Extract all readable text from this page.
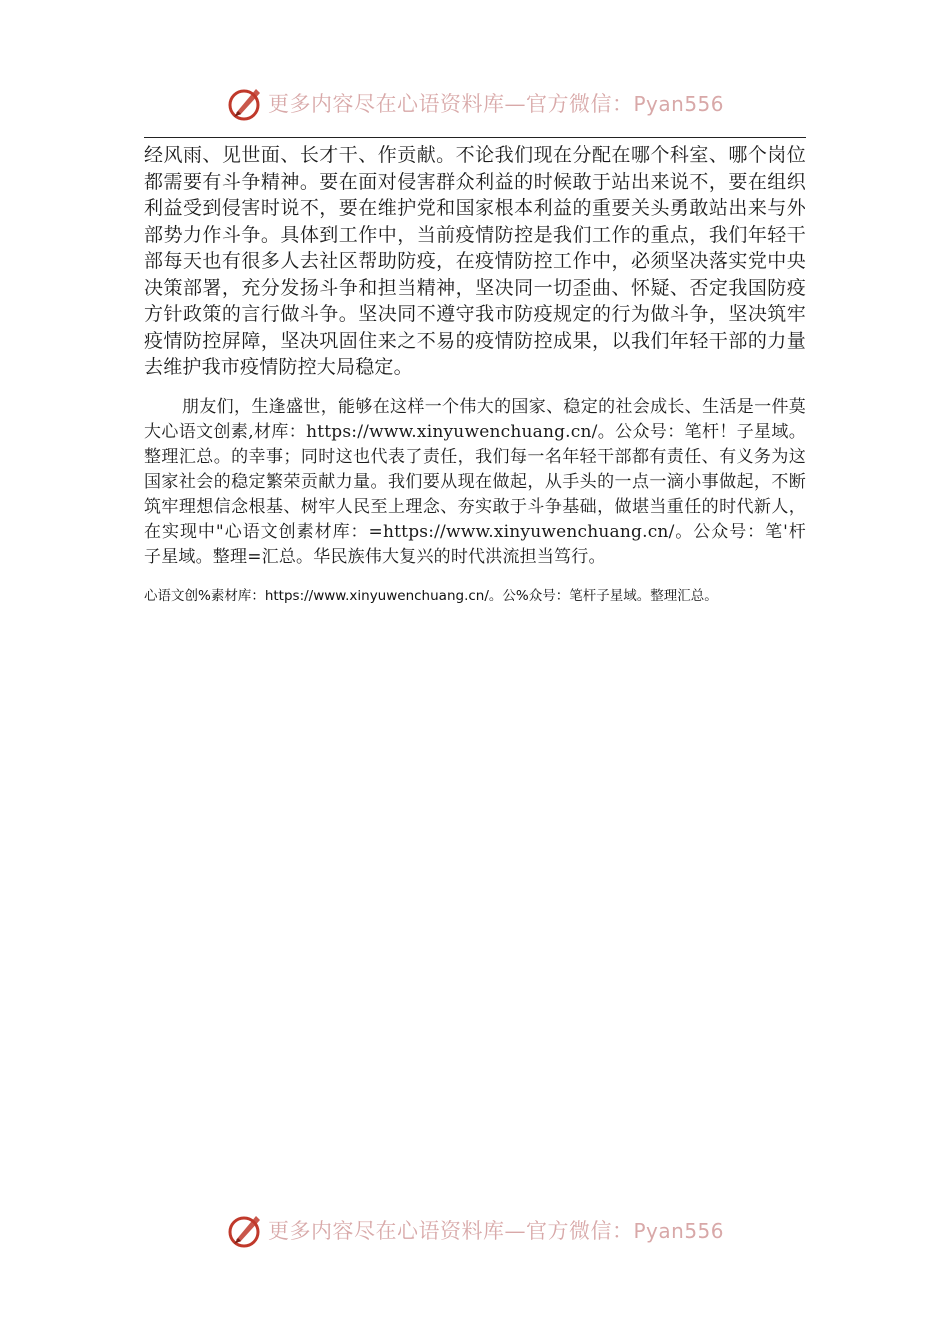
更多内容尽在心语资料库—官方微信：Pyan556

经风雨、见世面、长才干、作贡献。不论我们现在分配在哪个科室、哪个岗位都需要有斗争精神。要在面对侵害群众利益的时候敢于站出来说不，要在组织利益受到侵害时说不，要在维护党和国家根本利益的重要关头勇敢站出来与外部势力作斗争。具体到工作中，当前疫情防控是我们工作的重点，我们年轻干部每天也有很多人去社区帮助防疫，在疫情防控工作中，必须坚决落实党中央决策部署，充分发扬斗争和担当精神，坚决同一切歪曲、怀疑、否定我国防疫方针政策的言行做斗争。坚决同不遵守我市防疫规定的行为做斗争，坚决筑牢疫情防控屏障，坚决巩固住来之不易的疫情防控成果，以我们年轻干部的力量去维护我市疫情防控大局稳定。

朋友们，生逢盛世，能够在这样一个伟大的国家、稳定的社会成长、生活是一件莫大心语文创素,材库：https://www.xinyuwenchuang.cn/。公众号：笔杆！子星域。整理汇总。的幸事；同时这也代表了责任，我们每一名年轻干部都有责任、有义务为这国家社会的稳定繁荣贡献力量。我们要从现在做起，从手头的一点一滴小事做起，不断筑牢理想信念根基、树牢人民至上理念、夯实敢于斗争基础，做堪当重任的时代新人，在实现中"心语文创素材库：=https://www.xinyuwenchuang.cn/。公众号：笔'杆子星域。整理=汇总。华民族伟大复兴的时代洪流担当笃行。

心语文创%素材库：https://www.xinyuwenchuang.cn/。公%众号：笔杆子星域。整理汇总。

更多内容尽在心语资料库—官方微信：Pyan556
